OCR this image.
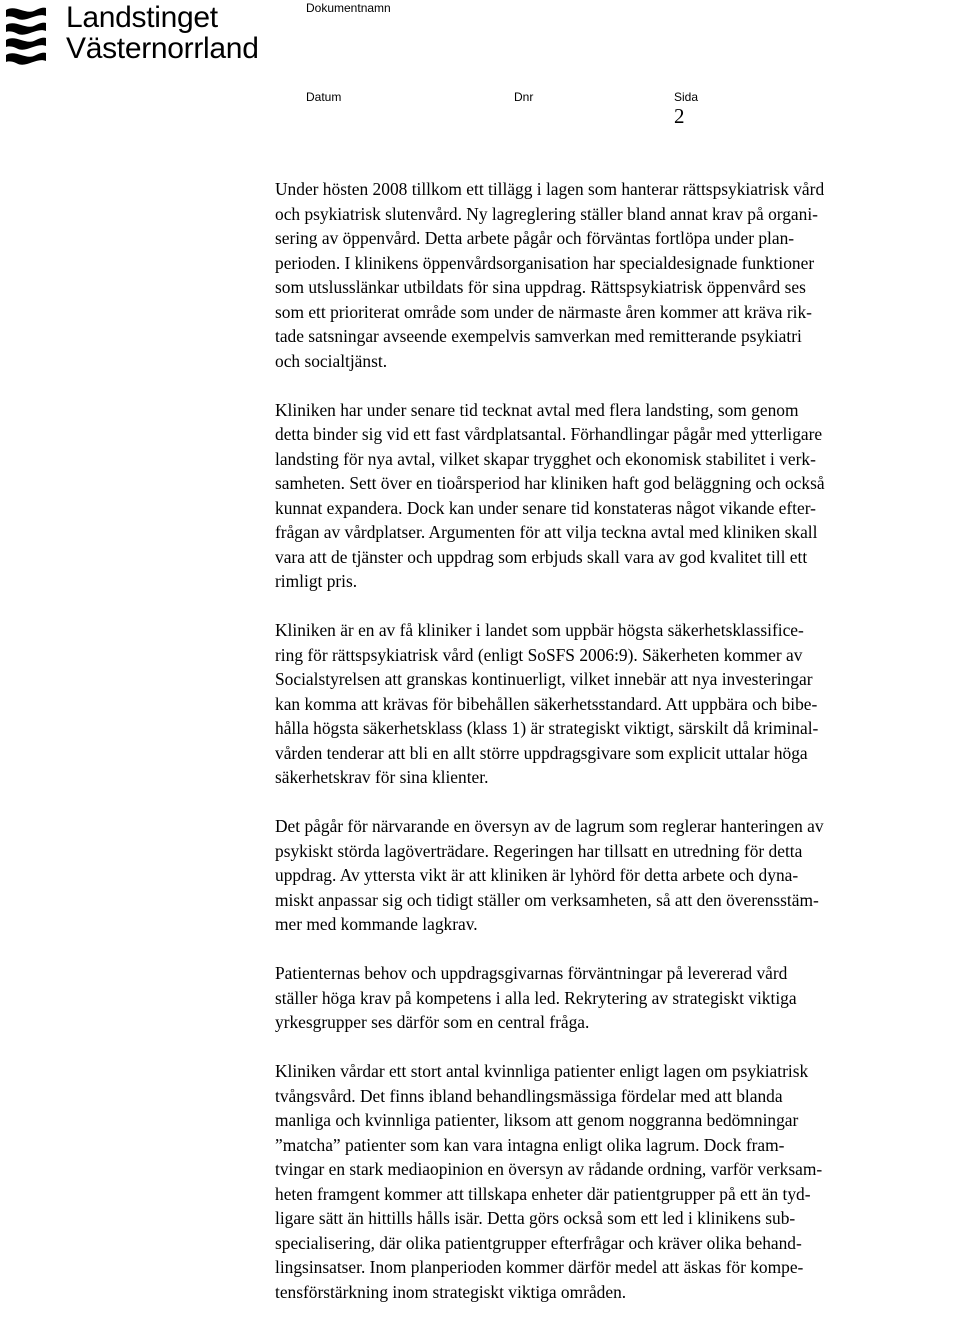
Landstinget
Västernorrland
Dokumentnamn
Datum	Dnr	Sida
2
Under hösten 2008 tillkom ett tillägg i lagen som hanterar rättspsykiatrisk vård
och psykiatrisk slutenvård. Ny lagreglering ställer bland annat krav på organi-
sering av öppenvård. Detta arbete pågår och förväntas fortlöpa under plan-
perioden. I klinikens öppenvårdsorganisation har specialdesignade funktioner
som utslusslänkar utbildats för sina uppdrag. Rättspsykiatrisk öppenvård ses
som ett prioriterat område som under de närmaste åren kommer att kräva rik-
tade satsningar avseende exempelvis samverkan med remitterande psykiatri
och socialtjänst.
Kliniken har under senare tid tecknat avtal med flera landsting, som genom
detta binder sig vid ett fast vårdplatsantal. Förhandlingar pågår med ytterligare
landsting för nya avtal, vilket skapar trygghet och ekonomisk stabilitet i verk-
samheten. Sett över en tioårsperiod har kliniken haft god beläggning och också
kunnat expandera. Dock kan under senare tid konstateras något vikande efter-
frågan av vårdplatser. Argumenten för att vilja teckna avtal med kliniken skall
vara att de tjänster och uppdrag som erbjuds skall vara av god kvalitet till ett
rimligt pris.
Kliniken är en av få kliniker i landet som uppbär högsta säkerhetsklassifice-
ring för rättspsykiatrisk vård (enligt SoSFS 2006:9). Säkerheten kommer av
Socialstyrelsen att granskas kontinuerligt, vilket innebär att nya investeringar
kan komma att krävas för bibehållen säkerhetsstandard. Att uppbära och bibe-
hålla högsta säkerhetsklass (klass 1) är strategiskt viktigt, särskilt då kriminal-
vården tenderar att bli en allt större uppdragsgivare som explicit uttalar höga
säkerhetskrav för sina klienter.
Det pågår för närvarande en översyn av de lagrum som reglerar hanteringen av
psykiskt störda lagöverträdare. Regeringen har tillsatt en utredning för detta
uppdrag. Av yttersta vikt är att kliniken är lyhörd för detta arbete och dyna-
miskt anpassar sig och tidigt ställer om verksamheten, så att den överensstäm-
mer med kommande lagkrav.
Patienternas behov och uppdragsgivarnas förväntningar på levererad vård
ställer höga krav på kompetens i alla led. Rekrytering av strategiskt viktiga
yrkesgrupper ses därför som en central fråga.
Kliniken vårdar ett stort antal kvinnliga patienter enligt lagen om psykiatrisk
tvångsvård. Det finns ibland behandlingsmässiga fördelar med att blanda
manliga och kvinnliga patienter, liksom att genom noggranna bedömningar
”matcha” patienter som kan vara intagna enligt olika lagrum. Dock fram-
tvingar en stark mediaopinion en översyn av rådande ordning, varför verksam-
heten framgent kommer att tillskapa enheter där patientgrupper på ett än tyd-
ligare sätt än hittills hålls isär. Detta görs också som ett led i klinikens sub-
specialisering, där olika patientgrupper efterfrågar och kräver olika behand-
lingsinsatser. Inom planperioden kommer därför medel att äskas för kompe-
tensförstärkning inom strategiskt viktiga områden.
